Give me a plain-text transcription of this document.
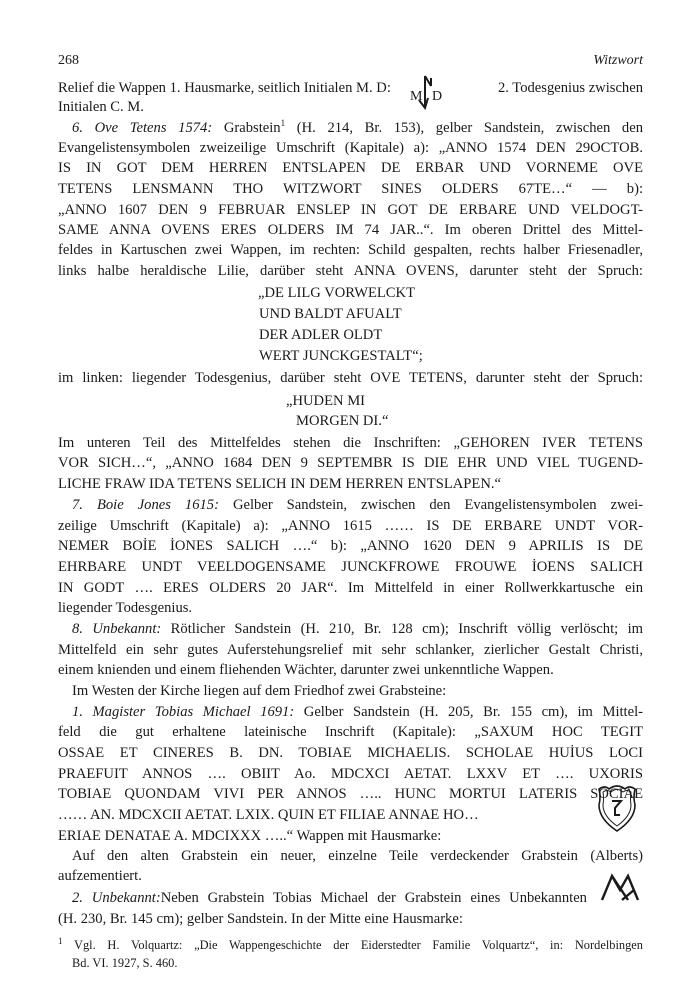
268	Witzwort
Relief die Wappen 1. Hausmarke, seitlich Initialen M. D:	2. Todesgenius zwischen
Initialen C. M.
M D
6. Ove Tetens 1574: Grabstein$^1$ (H. 214, Br. 153), gelber Sandstein, zwischen den
Evangelistensymbolen zweizeilige Umschrift (Kapitale) a): „ANNO 1574 DEN 29OCTOB.
IS IN GOT DEM HERREN ENTSLAPEN DE ERBAR UND VORNEME OVE
TETENS LENSMANN THO WITZWORT SINES OLDERS 67TE…“ — b):
„ANNO 1607 DEN 9 FEBRUAR ENSLEP IN GOT DE ERBARE UND VELDOGT-
SAME ANNA OVENS ERES OLDERS IM 74 JAR..“. Im oberen Drittel des Mittel-
feldes in Kartuschen zwei Wappen, im rechten: Schild gespalten, rechts halber Friesenadler,
links halbe heraldische Lilie, darüber steht ANNA OVENS, darunter steht der Spruch:
„DE LILG VORWELCKT
UND BALDT AFUALT
DER ADLER OLDT
WERT JUNCKGESTALT“;
im linken: liegender Todesgenius, darüber steht OVE TETENS, darunter steht der Spruch:
„HUDEN MI
MORGEN DI.“
Im unteren Teil des Mittelfeldes stehen die Inschriften: „GEHOREN IVER TETENS
VOR SICH…“, „ANNO 1684 DEN 9 SEPTEMBR IS DIE EHR UND VIEL TUGEND-
LICHE FRAW IDA TETENS SELICH IN DEM HERREN ENTSLAPEN.“
7. Boie Jones 1615: Gelber Sandstein, zwischen den Evangelistensymbolen zwei-
zeilige Umschrift (Kapitale) a): „ANNO 1615 …… IS DE ERBARE UNDT VOR-
NEMER BOİE İONES SALICH ….“ b): „ANNO 1620 DEN 9 APRILIS IS DE
EHRBARE UNDT VEELDOGENSAME JUNCKFROWE FROUWE İOENS SALICH
IN GODT …. ERES OLDERS 20 JAR“. Im Mittelfeld in einer Rollwerkkartusche ein
liegender Todesgenius.
8. Unbekannt: Rötlicher Sandstein (H. 210, Br. 128 cm); Inschrift völlig verlöscht; im
Mittelfeld ein sehr gutes Auferstehungsrelief mit sehr schlanker, zierlicher Gestalt Christi,
einem knienden und einem fliehenden Wächter, darunter zwei unkenntliche Wappen.
Im Westen der Kirche liegen auf dem Friedhof zwei Grabsteine:
1. Magister Tobias Michael 1691: Gelber Sandstein (H. 205, Br. 155 cm), im Mittel-
feld die gut erhaltene lateinische Inschrift (Kapitale): „SAXUM HOC TEGIT
OSSAE ET CINERES B. DN. TOBIAE MICHAELIS. SCHOLAE HUİUS LOCI
PRAEFUIT ANNOS …. OBIIT Ao. MDCXCI AETAT. LXXV ET …. UXORIS
TOBIAE QUONDAM VIVI PER ANNOS ….. HUNC MORTUI LATERIS SOCIAE
…… AN. MDCXCII AETAT. LXIX. QUIN ET FILIAE ANNAE HO…
ERIAE DENATAE A. MDCIXXX …..“ Wappen mit Hausmarke:
Auf den alten Grabstein ein neuer, einzelne Teile verdeckender Grabstein (Alberts)
aufzementiert.
2. Unbekannt:Neben Grabstein Tobias Michael der Grabstein eines Unbekannten
(H. 230, Br. 145 cm); gelber Sandstein. In der Mitte eine Hausmarke:
$^1$ Vgl. H. Volquartz: „Die Wappengeschichte der Eiderstedter Familie Volquartz“, in: Nordelbingen
Bd. VI. 1927, S. 460.
